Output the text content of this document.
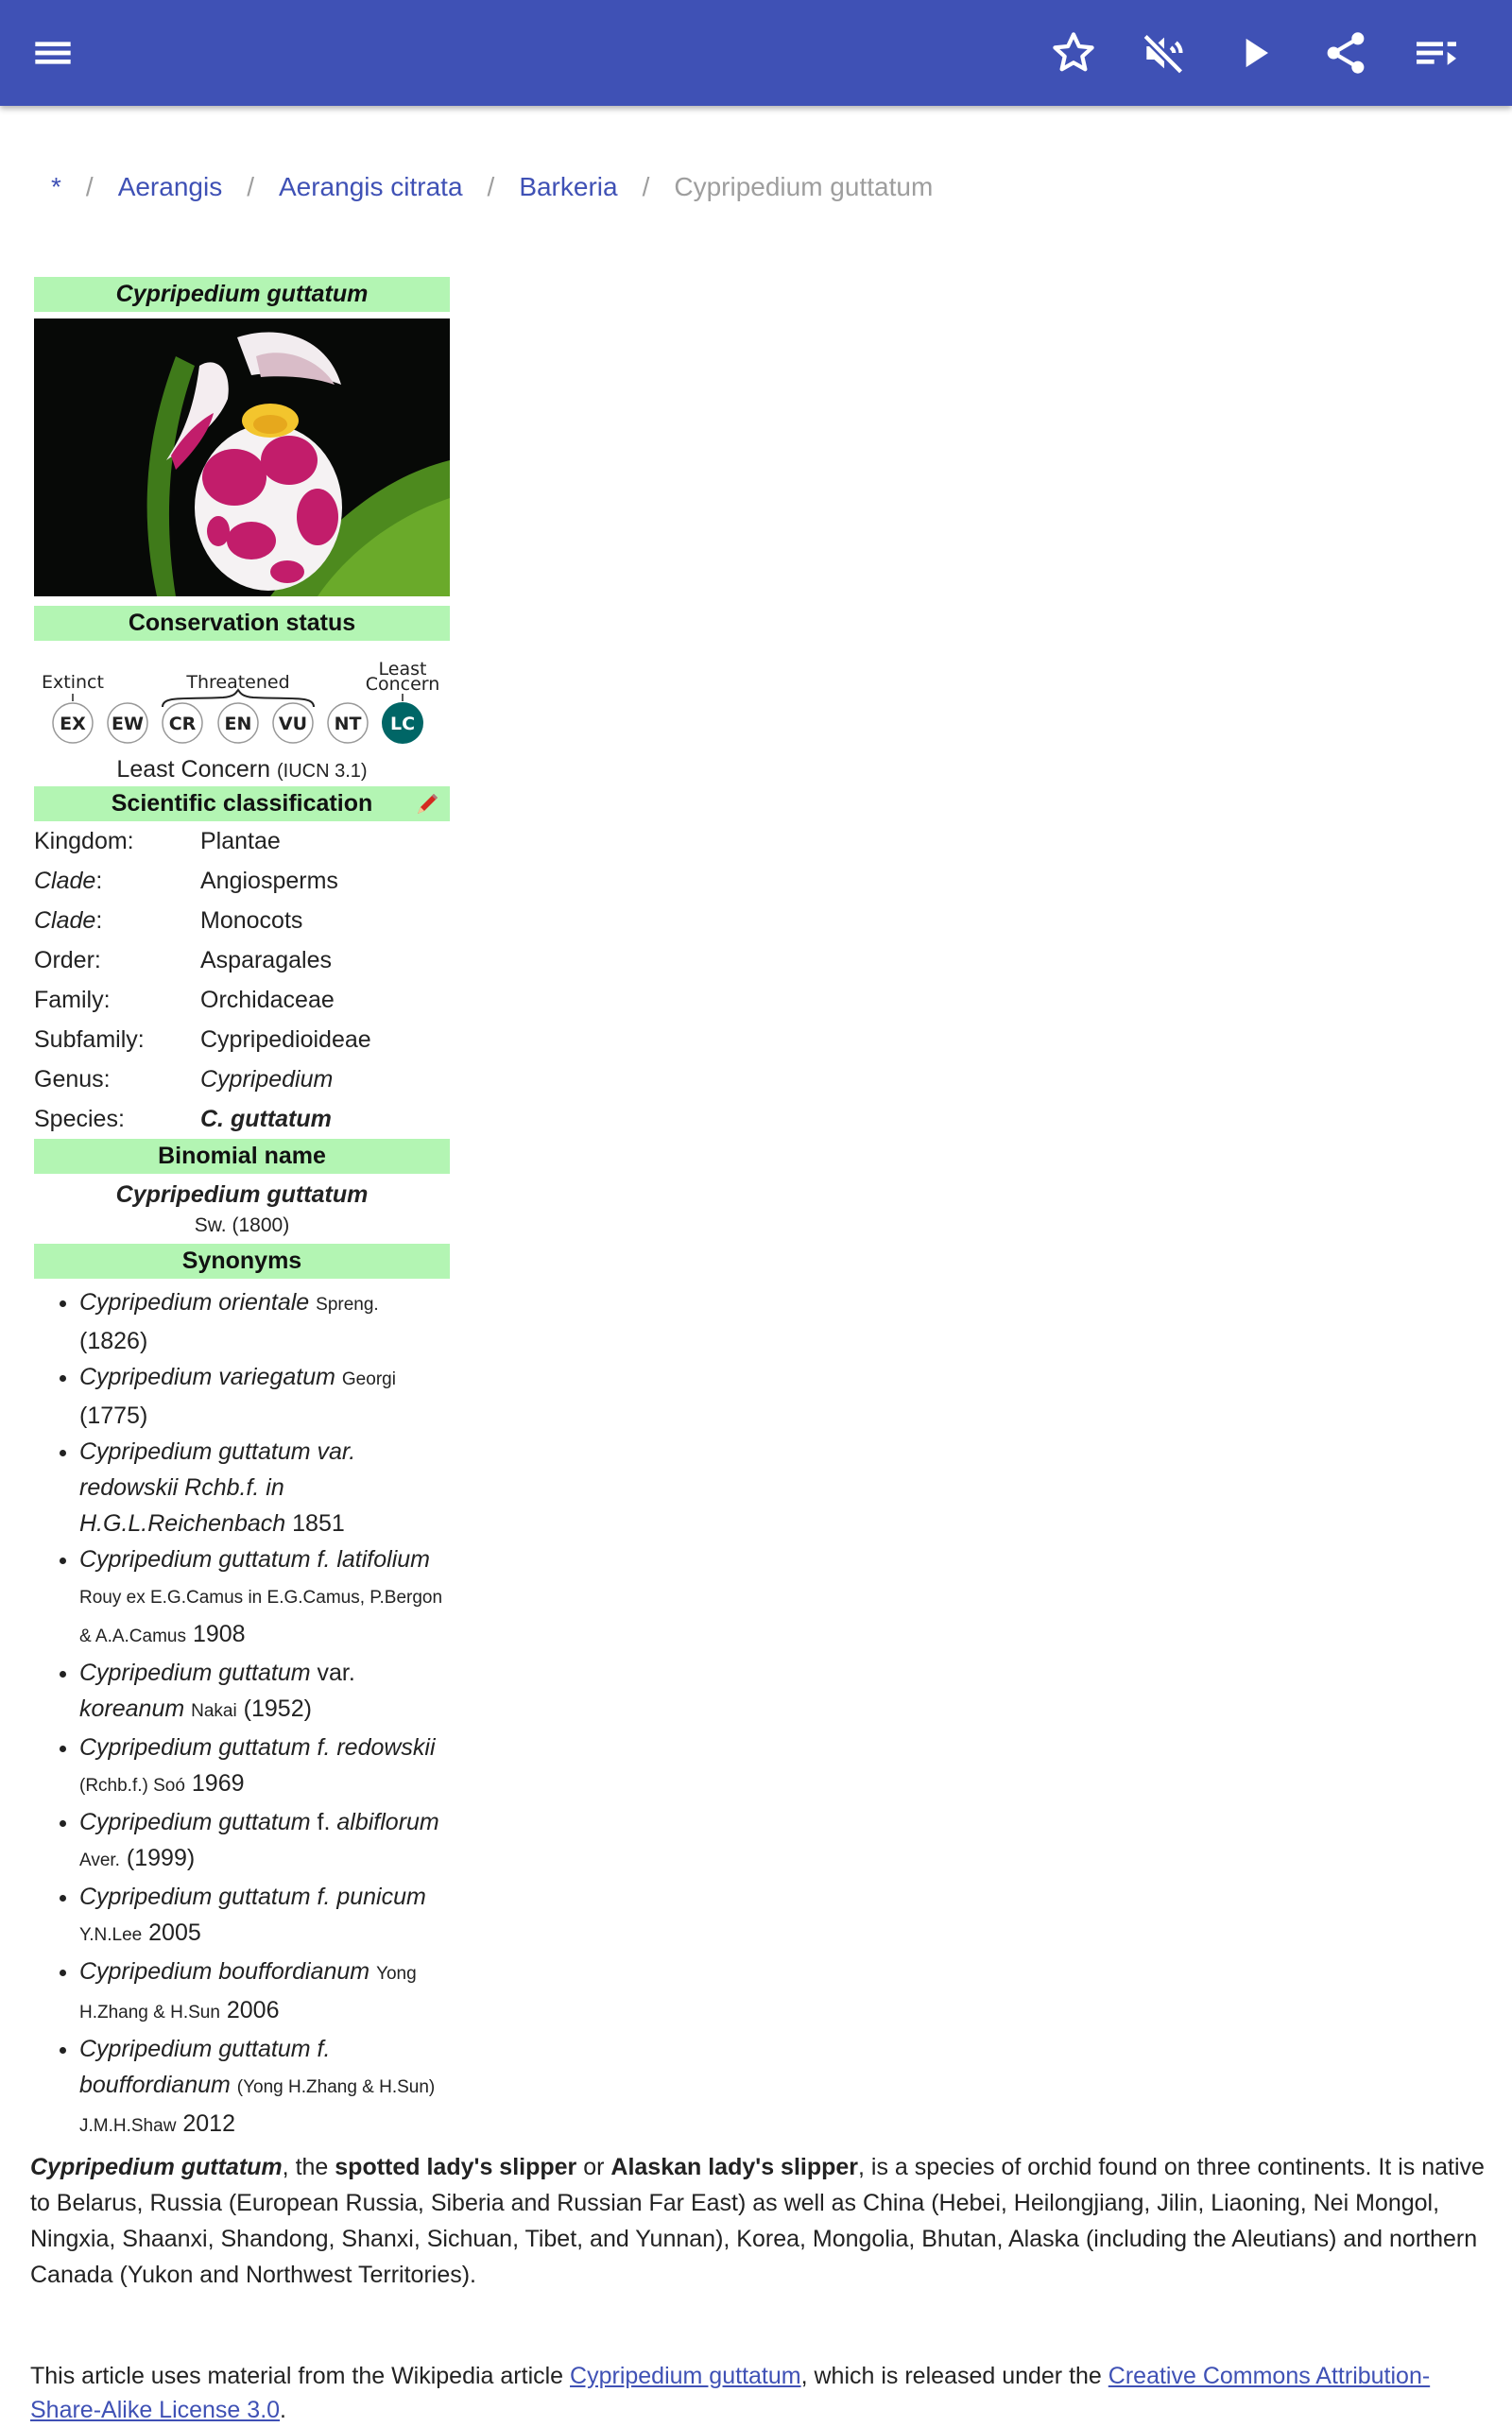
* / Aerangis / Aerangis citrata / Barkeria / Cypripedium guttatum
Cypripedium guttatum
Conservation status
Extinct	Threatened
Least
Concern
EX EW CR EN VU NT LC
Least Concern (IUCN 3.1)
Scientific classification
Kingdom:	Plantae
Clade:	Angiosperms
Clade:	Monocots
Order:	Asparagales
Family:	Orchidaceae
Subfamily:	Cypripedioideae
Genus:	Cypripedium
Species:	C. guttatum
Binomial name
Cypripedium guttatum
Sw. (1800)
Synonyms
• Cypripedium orientale Spreng. (1826)
• Cypripedium variegatum Georgi (1775)
• Cypripedium guttatum var. redowskii Rchb.f. in H.G.L.Reichenbach 1851
• Cypripedium guttatum f. latifolium Rouy ex E.G.Camus in E.G.Camus, P.Bergon & A.A.Camus 1908
• Cypripedium guttatum var. koreanum Nakai (1952)
• Cypripedium guttatum f. redowskii (Rchb.f.) Soó 1969
• Cypripedium guttatum f. albiflorum Aver. (1999)
• Cypripedium guttatum f. punicum Y.N.Lee 2005
• Cypripedium bouffordianum Yong H.Zhang & H.Sun 2006
• Cypripedium guttatum f. bouffordianum (Yong H.Zhang & H.Sun) J.M.H.Shaw 2012
Cypripedium guttatum, the spotted lady's slipper or Alaskan lady's slipper, is a species of orchid found on three continents. It is native to Belarus, Russia (European Russia, Siberia and Russian Far East) as well as China (Hebei, Heilongjiang, Jilin, Liaoning, Nei Mongol, Ningxia, Shaanxi, Shandong, Shanxi, Sichuan, Tibet, and Yunnan), Korea, Mongolia, Bhutan, Alaska (including the Aleutians) and northern Canada (Yukon and Northwest Territories).
This article uses material from the Wikipedia article Cypripedium guttatum, which is released under the Creative Commons Attribution-Share-Alike License 3.0.
